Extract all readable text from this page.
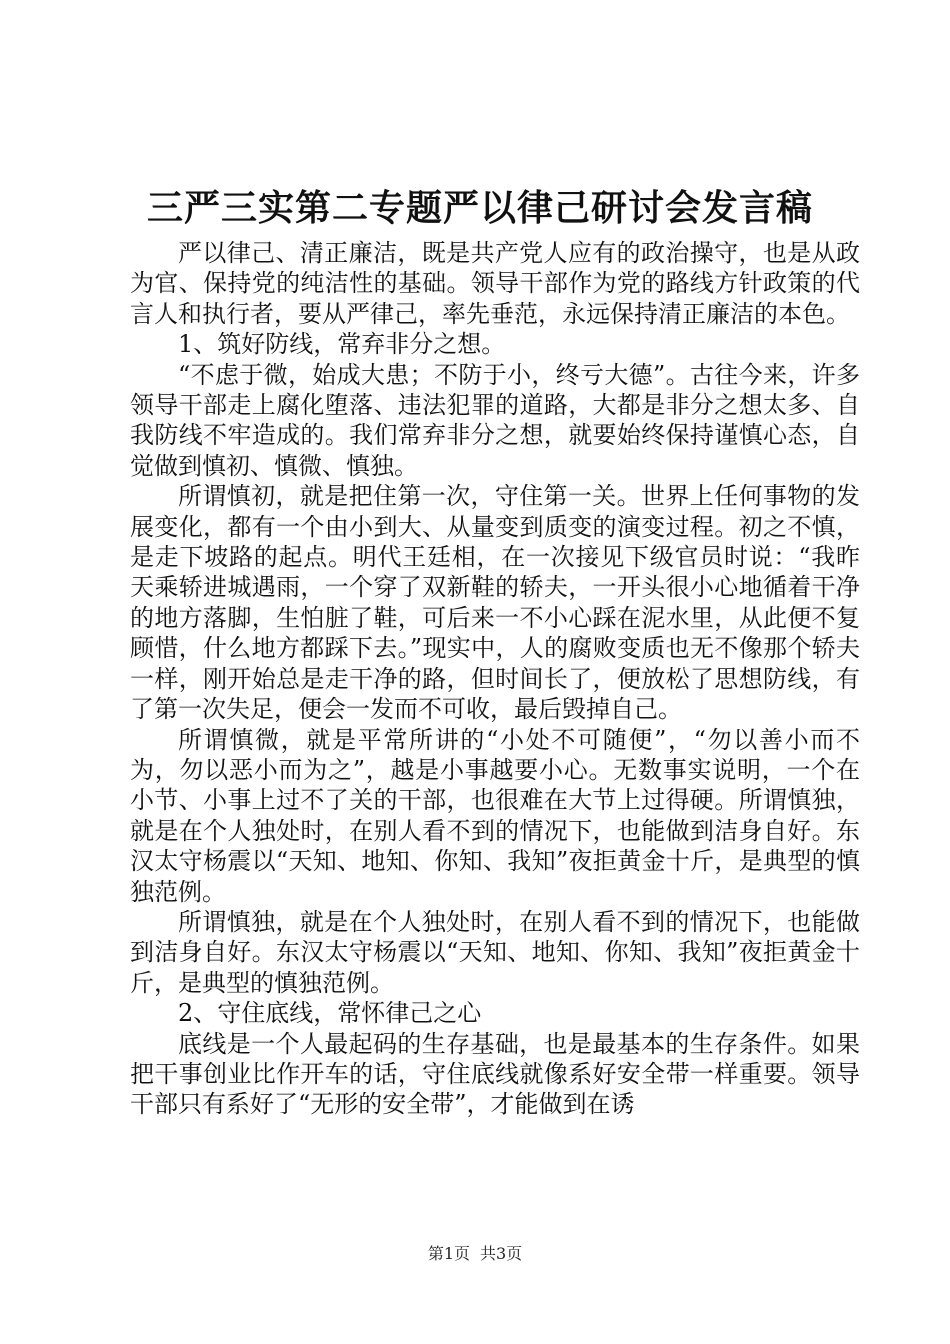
三严三实第二专题严以律己研讨会发言稿

严以律己、清正廉洁，既是共产党人应有的政治操守，也是从政为官、保持党的纯洁性的基础。领导干部作为党的路线方针政策的代言人和执行者，要从严律己，率先垂范，永远保持清正廉洁的本色。

1、筑好防线，常弃非分之想。

“不虑于微，始成大患；不防于小，终亏大德”。古往今来，许多领导干部走上腐化堕落、违法犯罪的道路，大都是非分之想太多、自我防线不牢造成的。我们常弃非分之想，就要始终保持谨慎心态，自觉做到慎初、慎微、慎独。

所谓慎初，就是把住第一次，守住第一关。世界上任何事物的发展变化，都有一个由小到大、从量变到质变的演变过程。初之不慎，是走下坡路的起点。明代王廷相，在一次接见下级官员时说：“我昨天乘轿进城遇雨，一个穿了双新鞋的轿夫，一开头很小心地循着干净的地方落脚，生怕脏了鞋，可后来一不小心踩在泥水里，从此便不复顾惜，什么地方都踩下去。”现实中，人的腐败变质也无不像那个轿夫一样，刚开始总是走干净的路，但时间长了，便放松了思想防线，有了第一次失足，便会一发而不可收，最后毁掉自己。

所谓慎微，就是平常所讲的“小处不可随便”，“勿以善小而不为，勿以恶小而为之”，越是小事越要小心。无数事实说明，一个在小节、小事上过不了关的干部，也很难在大节上过得硬。所谓慎独，就是在个人独处时，在别人看不到的情况下，也能做到洁身自好。东汉太守杨震以“天知、地知、你知、我知”夜拒黄金十斤，是典型的慎独范例。

所谓慎独，就是在个人独处时，在别人看不到的情况下，也能做到洁身自好。东汉太守杨震以“天知、地知、你知、我知”夜拒黄金十斤，是典型的慎独范例。

2、守住底线，常怀律己之心

底线是一个人最起码的生存基础，也是最基本的生存条件。如果把干事创业比作开车的话，守住底线就像系好安全带一样重要。领导干部只有系好了“无形的安全带”，才能做到在诱

第1页 共3页
